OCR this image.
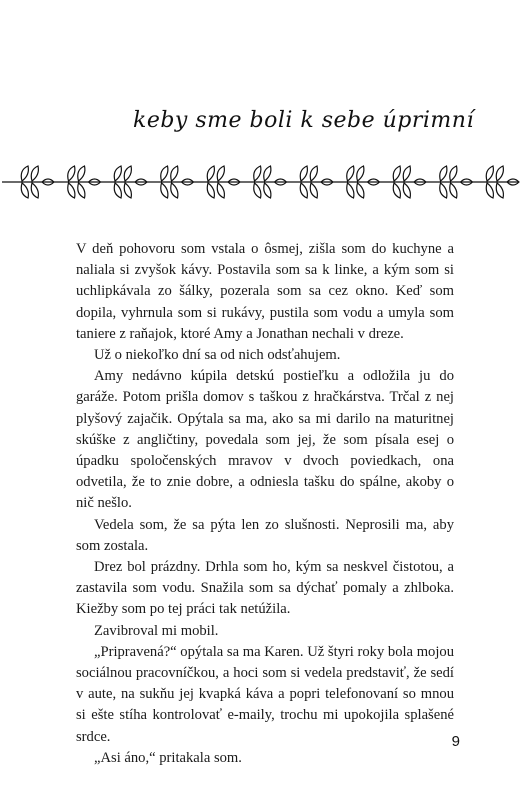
keby sme boli k sebe úprimní

V deň pohovoru som vstala o ôsmej, zišla som do kuchyne a naliala si zvyšok kávy. Postavila som sa k linke, a kým som si uchlipkávala zo šálky, pozerala som sa cez okno. Keď som dopila, vyhrnula som si rukávy, pustila som vodu a umyla som taniere z raňajok, ktoré Amy a Jonathan nechali v dreze.

Už o niekoľko dní sa od nich odsťahujem.

Amy nedávno kúpila detskú postieľku a odložila ju do garáže. Potom prišla domov s taškou z hračkárstva. Trčal z nej plyšový zajačik. Opýtala sa ma, ako sa mi darilo na maturitnej skúške z angličtiny, povedala som jej, že som písala esej o úpadku spoločenských mravov v dvoch poviedkach, ona odvetila, že to znie dobre, a odniesla tašku do spálne, akoby o nič nešlo.

Vedela som, že sa pýta len zo slušnosti. Neprosili ma, aby som zostala.

Drez bol prázdny. Drhla som ho, kým sa neskvel čistotou, a zastavila som vodu. Snažila som sa dýchať pomaly a zhlboka. Kiežby som po tej práci tak netúžila.

Zavibroval mi mobil.

„Pripravená?“ opýtala sa ma Karen. Už štyri roky bola mojou sociálnou pracovníčkou, a hoci som si vedela predstaviť, že sedí v aute, na sukňu jej kvapká káva a popri telefonovaní so mnou si ešte stíha kontrolovať e-maily, trochu mi upokojila splašené srdce.

„Asi áno,“ pritakala som.

9
